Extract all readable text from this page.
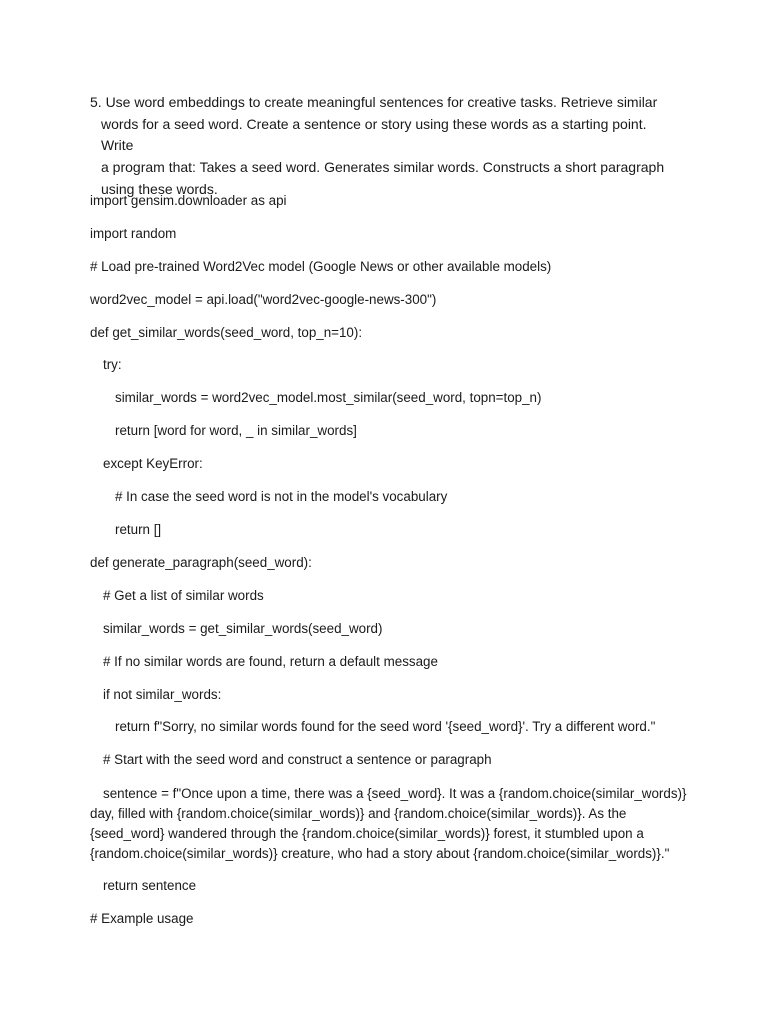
5. Use word embeddings to create meaningful sentences for creative tasks. Retrieve similar
words for a seed word. Create a sentence or story using these words as a starting point. Write
a program that: Takes a seed word. Generates similar words. Constructs a short paragraph
using these words.

import gensim.downloader as api

import random

# Load pre-trained Word2Vec model (Google News or other available models)

word2vec_model = api.load("word2vec-google-news-300")

def get_similar_words(seed_word, top_n=10):

try:

similar_words = word2vec_model.most_similar(seed_word, topn=top_n)

return [word for word, _ in similar_words]

except KeyError:

# In case the seed word is not in the model's vocabulary

return []

def generate_paragraph(seed_word):

# Get a list of similar words

similar_words = get_similar_words(seed_word)

# If no similar words are found, return a default message

if not similar_words:

return f"Sorry, no similar words found for the seed word '{seed_word}'. Try a different word."

# Start with the seed word and construct a sentence or paragraph

sentence = f"Once upon a time, there was a {seed_word}. It was a {random.choice(similar_words)}
day, filled with {random.choice(similar_words)} and {random.choice(similar_words)}. As the
{seed_word} wandered through the {random.choice(similar_words)} forest, it stumbled upon a
{random.choice(similar_words)} creature, who had a story about {random.choice(similar_words)}."

return sentence

# Example usage
